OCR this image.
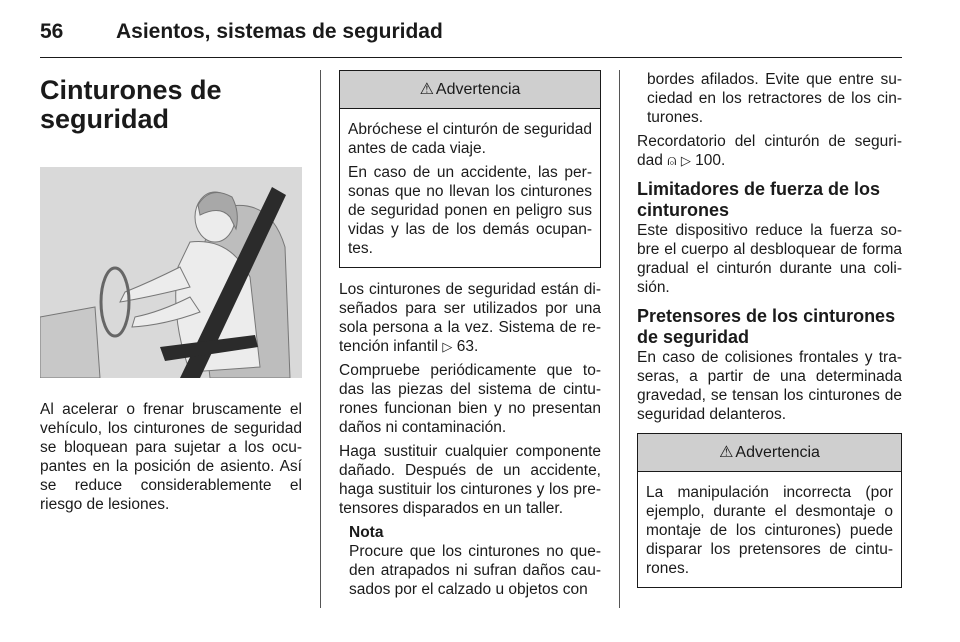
56	Asientos, sistemas de seguridad
Cinturones de
seguridad

Al acelerar o frenar bruscamente el vehículo, los cinturones de seguridad se bloquean para sujetar a los ocupantes en la posición de asiento. Así se reduce considerablemente el riesgo de lesiones.

⚠ Advertencia

Abróchese el cinturón de seguridad antes de cada viaje.

En caso de un accidente, las personas que no llevan los cinturones de seguridad ponen en peligro sus vidas y las de los demás ocupantes.

Los cinturones de seguridad están diseñados para ser utilizados por una sola persona a la vez. Sistema de retención infantil ▷ 63.

Compruebe periódicamente que todas las piezas del sistema de cinturones funcionan bien y no presentan daños ni contaminación.

Haga sustituir cualquier componente dañado. Después de un accidente, haga sustituir los cinturones y los pretensores disparados en un taller.

Nota

Procure que los cinturones no queden atrapados ni sufran daños causados por el calzado u objetos con

bordes afilados. Evite que entre suciedad en los retractores de los cinturones.

Recordatorio del cinturón de seguridad ⍝ ▷ 100.

Limitadores de fuerza de los cinturones

Este dispositivo reduce la fuerza sobre el cuerpo al desbloquear de forma gradual el cinturón durante una colisión.

Pretensores de los cinturones de seguridad

En caso de colisiones frontales y traseras, a partir de una determinada gravedad, se tensan los cinturones de seguridad delanteros.

⚠ Advertencia

La manipulación incorrecta (por ejemplo, durante el desmontaje o montaje de los cinturones) puede disparar los pretensores de cinturones.
